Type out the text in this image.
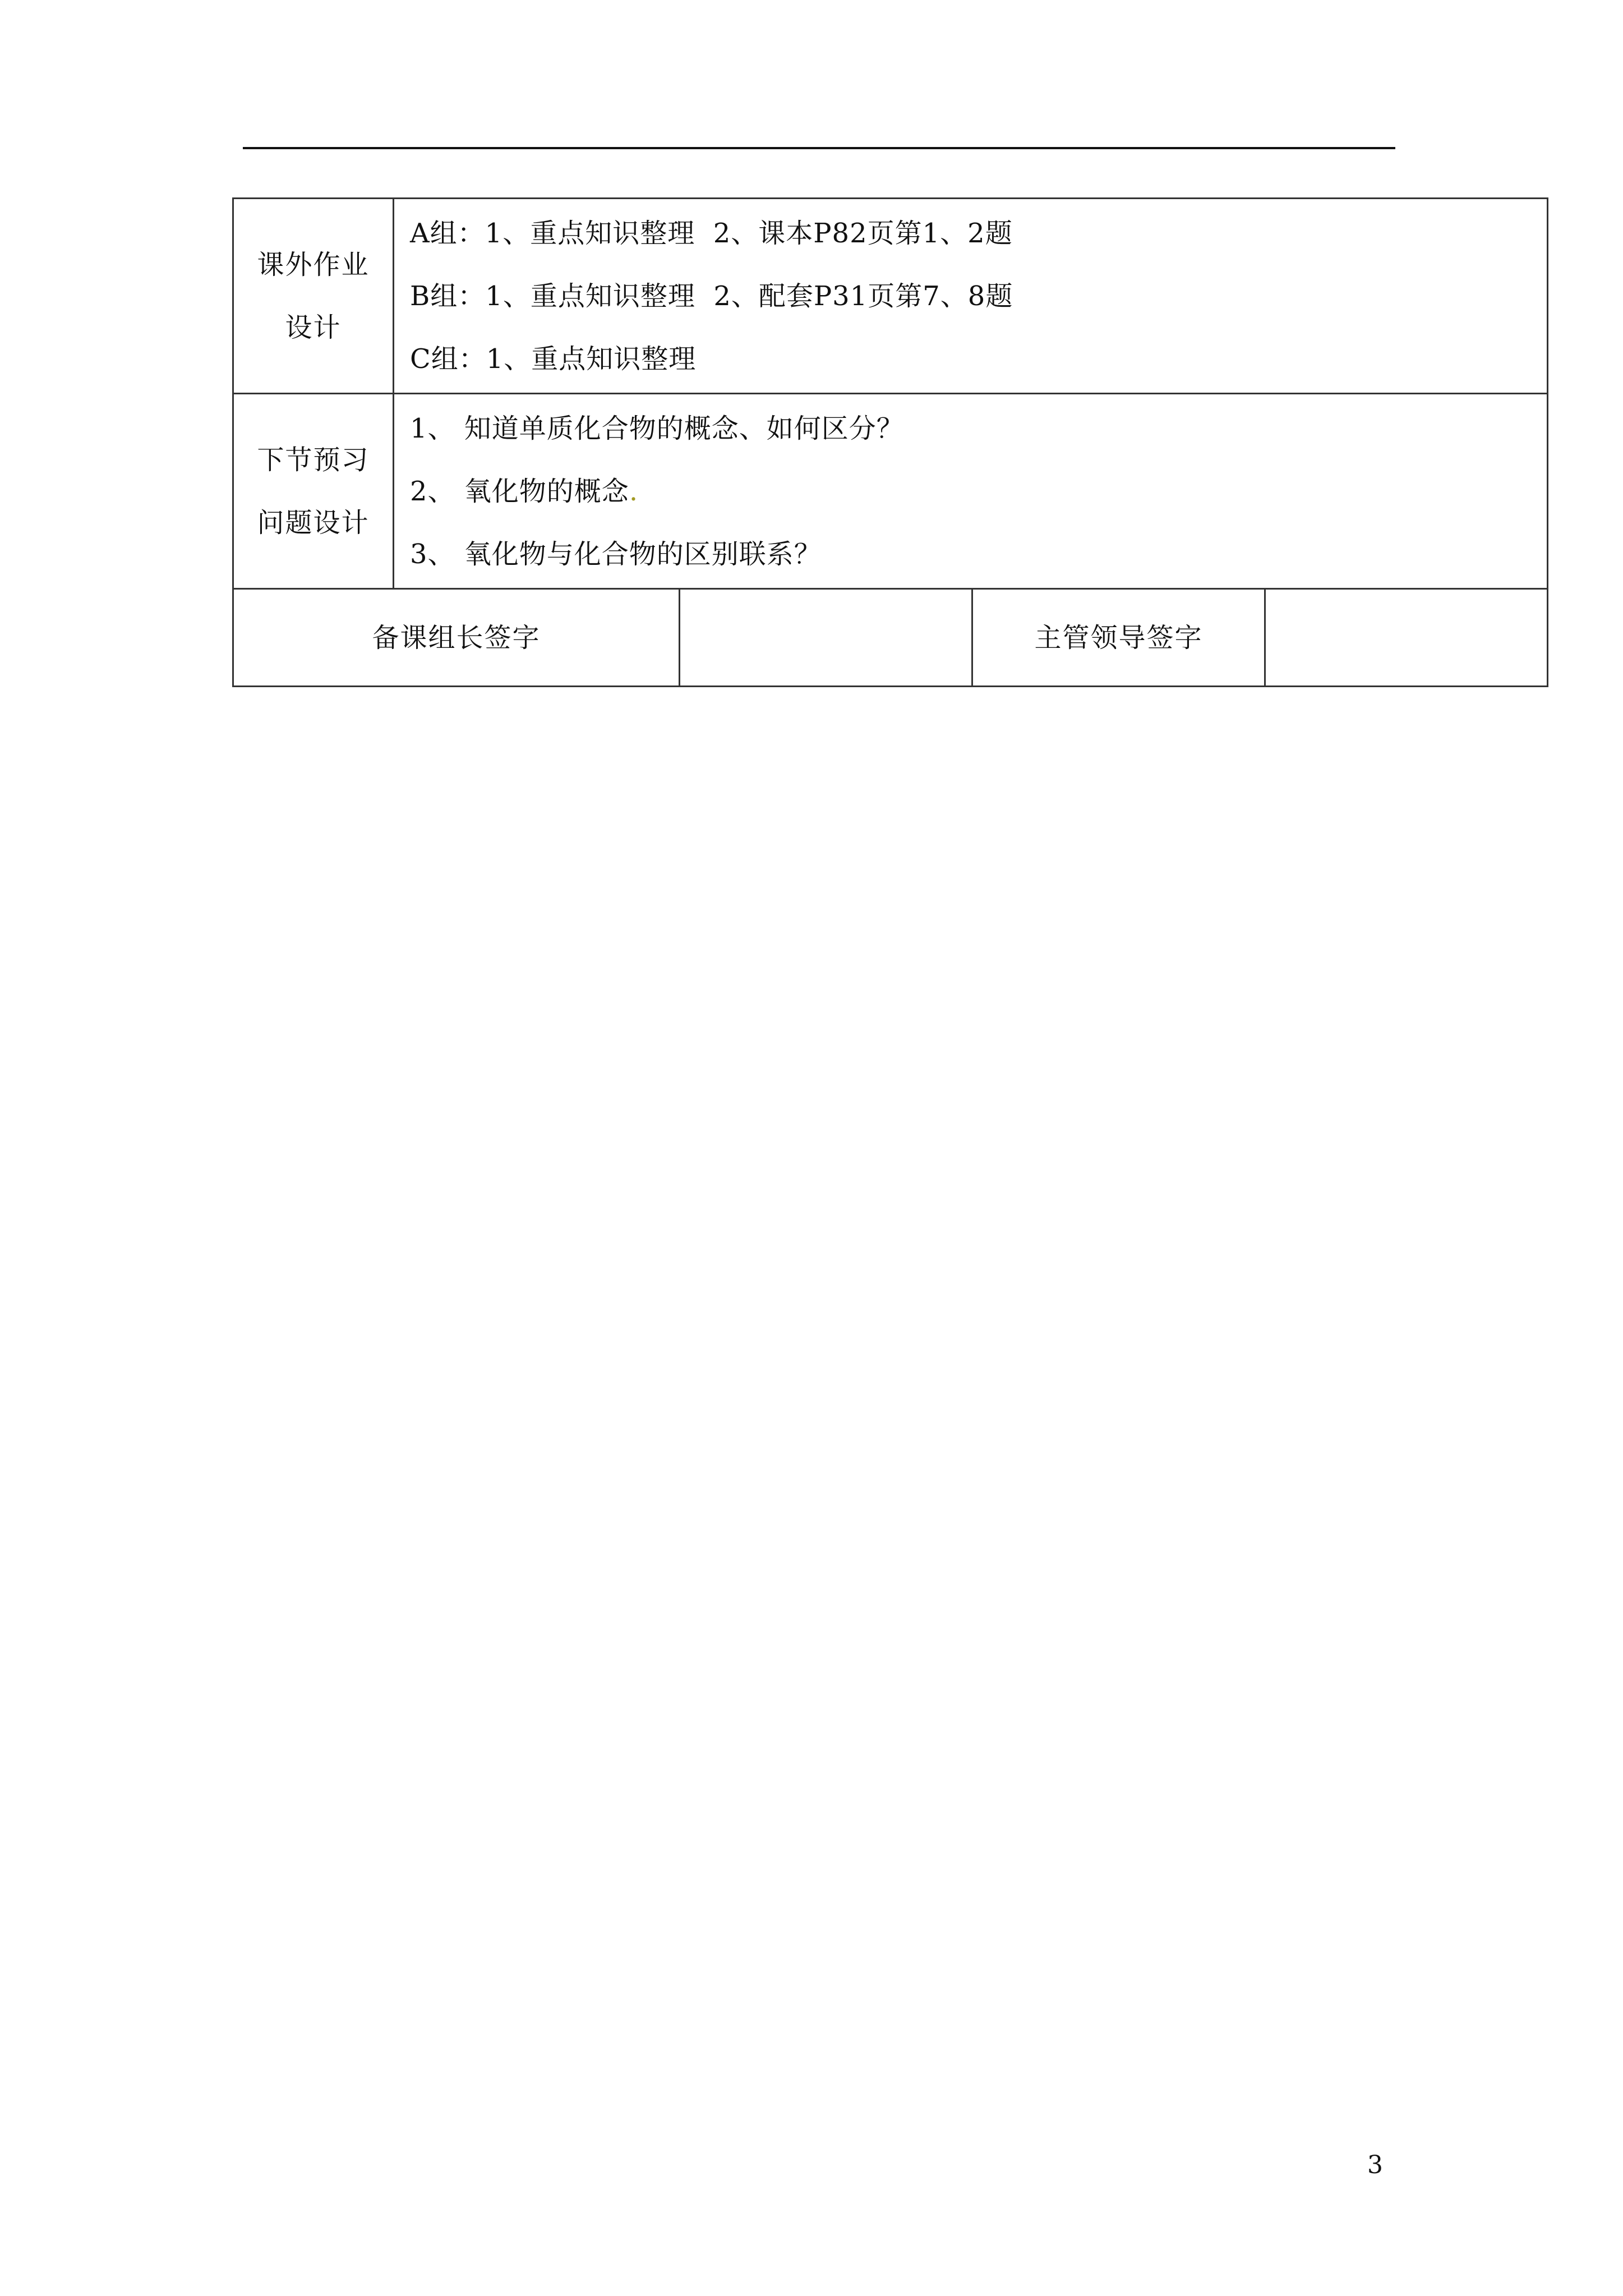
课外作业
设计	A组：1、重点知识整理  2、课本P82页第1、2题
B组：1、重点知识整理  2、配套P31页第7、8题
C组：1、重点知识整理			

下节预习
问题设计	1、 知道单质化合物的概念、如何区分？
2、 氧化物的概念.
3、 氧化物与化合物的区别联系？			

备课组长签字			主管领导签字	
3
